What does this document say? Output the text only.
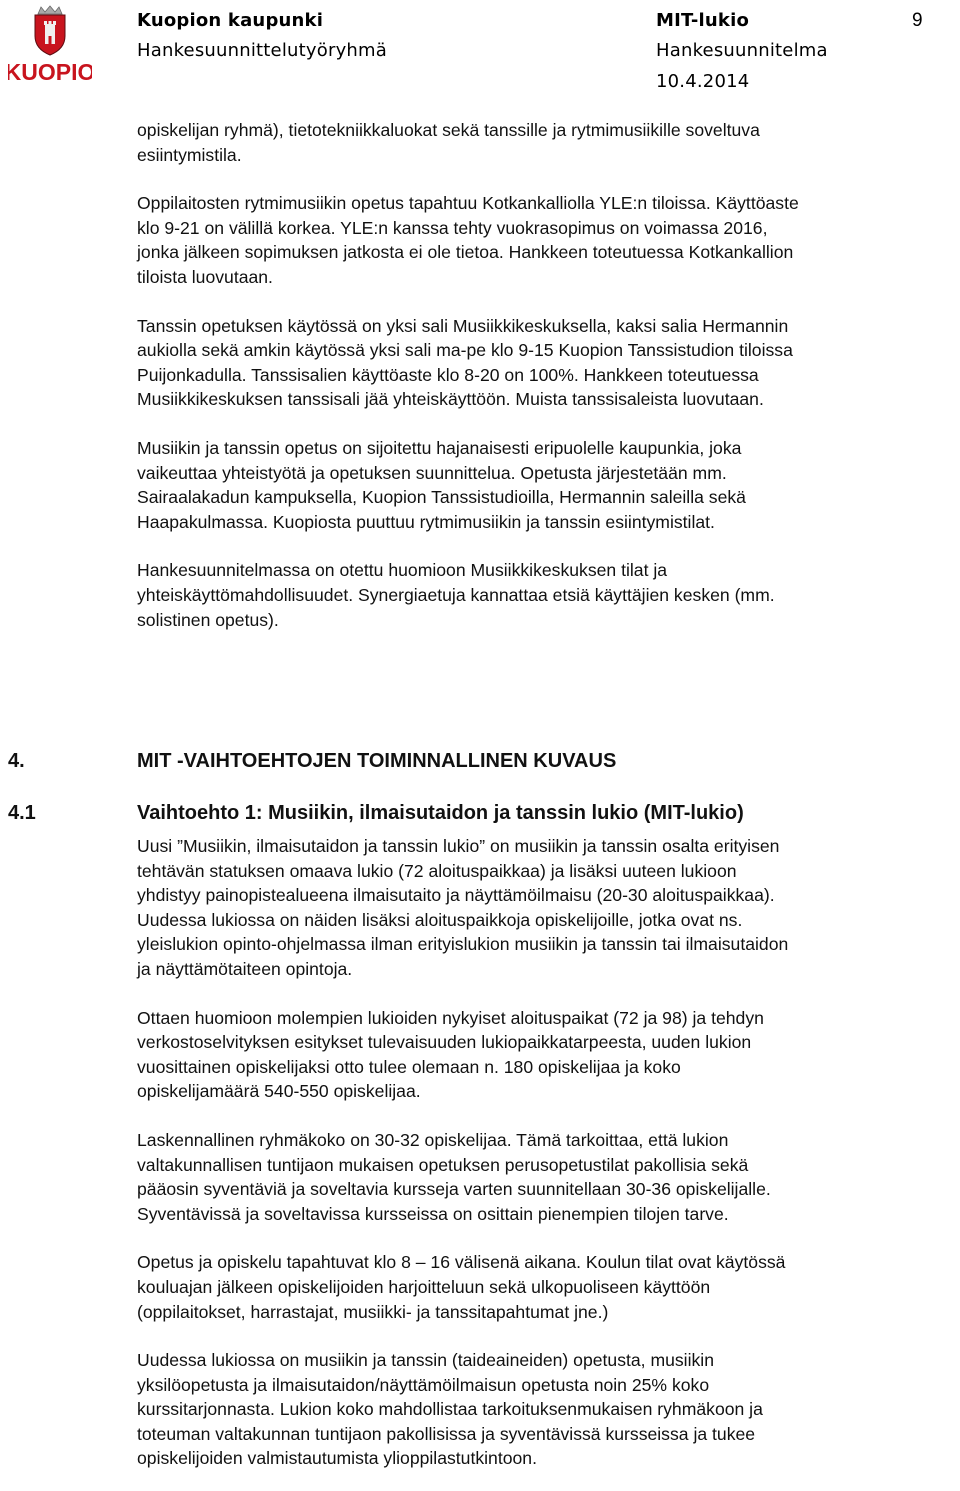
KUOPIO
Kuopion kaupunki
Hankesuunnittelutyöryhmä
MIT-lukio
Hankesuunnitelma
10.4.2014
9
opiskelijan ryhmä), tietotekniikkaluokat sekä tanssille ja rytmimusiikille soveltuva
esiintymistila.
Oppilaitosten rytmimusiikin opetus tapahtuu Kotkankalliolla YLE:n tiloissa. Käyttöaste
klo 9-21 on välillä korkea. YLE:n kanssa tehty vuokrasopimus on voimassa 2016,
jonka jälkeen sopimuksen jatkosta ei ole tietoa. Hankkeen toteutuessa Kotkankallion
tiloista luovutaan.
Tanssin opetuksen käytössä on yksi sali Musiikkikeskuksella, kaksi salia Hermannin
aukiolla sekä amkin käytössä yksi sali ma-pe klo 9-15 Kuopion Tanssistudion tiloissa
Puijonkadulla. Tanssisalien käyttöaste klo 8-20 on 100%. Hankkeen toteutuessa
Musiikkikeskuksen tanssisali jää yhteiskäyttöön. Muista tanssisaleista luovutaan.
Musiikin ja tanssin opetus on sijoitettu hajanaisesti eripuolelle kaupunkia, joka
vaikeuttaa yhteistyötä ja opetuksen suunnittelua. Opetusta järjestetään mm.
Sairaalakadun kampuksella, Kuopion Tanssistudioilla, Hermannin saleilla sekä
Haapakulmassa. Kuopiosta puuttuu rytmimusiikin ja tanssin esiintymistilat.
Hankesuunnitelmassa on otettu huomioon Musiikkikeskuksen tilat ja
yhteiskäyttömahdollisuudet. Synergiaetuja kannattaa etsiä käyttäjien kesken (mm.
solistinen opetus).
4.	MIT -VAIHTOEHTOJEN TOIMINNALLINEN KUVAUS
4.1	Vaihtoehto 1: Musiikin, ilmaisutaidon ja tanssin lukio (MIT-lukio)
Uusi ”Musiikin, ilmaisutaidon ja tanssin lukio” on musiikin ja tanssin osalta erityisen
tehtävän statuksen omaava lukio (72 aloituspaikkaa) ja lisäksi uuteen lukioon
yhdistyy painopistealueena ilmaisutaito ja näyttämöilmaisu (20-30 aloituspaikkaa).
Uudessa lukiossa on näiden lisäksi aloituspaikkoja opiskelijoille, jotka ovat ns.
yleislukion opinto-ohjelmassa ilman erityislukion musiikin ja tanssin tai ilmaisutaidon
ja näyttämötaiteen opintoja.
Ottaen huomioon molempien lukioiden nykyiset aloituspaikat (72 ja 98) ja tehdyn
verkostoselvityksen esitykset tulevaisuuden lukiopaikkatarpeesta, uuden lukion
vuosittainen opiskelijaksi otto tulee olemaan n. 180 opiskelijaa ja koko
opiskelijamäärä 540-550 opiskelijaa.
Laskennallinen ryhmäkoko on 30-32 opiskelijaa. Tämä tarkoittaa, että lukion
valtakunnallisen tuntijaon mukaisen opetuksen perusopetustilat pakollisia sekä
pääosin syventäviä ja soveltavia kursseja varten suunnitellaan 30-36 opiskelijalle.
Syventävissä ja soveltavissa kursseissa on osittain pienempien tilojen tarve.
Opetus ja opiskelu tapahtuvat klo 8 – 16 välisenä aikana. Koulun tilat ovat käytössä
kouluajan jälkeen opiskelijoiden harjoitteluun sekä ulkopuoliseen käyttöön
(oppilaitokset, harrastajat, musiikki- ja tanssitapahtumat jne.)
Uudessa lukiossa on musiikin ja tanssin (taideaineiden) opetusta, musiikin
yksilöopetusta ja ilmaisutaidon/näyttämöilmaisun opetusta noin 25% koko
kurssitarjonnasta. Lukion koko mahdollistaa tarkoituksenmukaisen ryhmäkoon ja
toteuman valtakunnan tuntijaon pakollisissa ja syventävissä kursseissa ja tukee
opiskelijoiden valmistautumista ylioppilastutkintoon.
